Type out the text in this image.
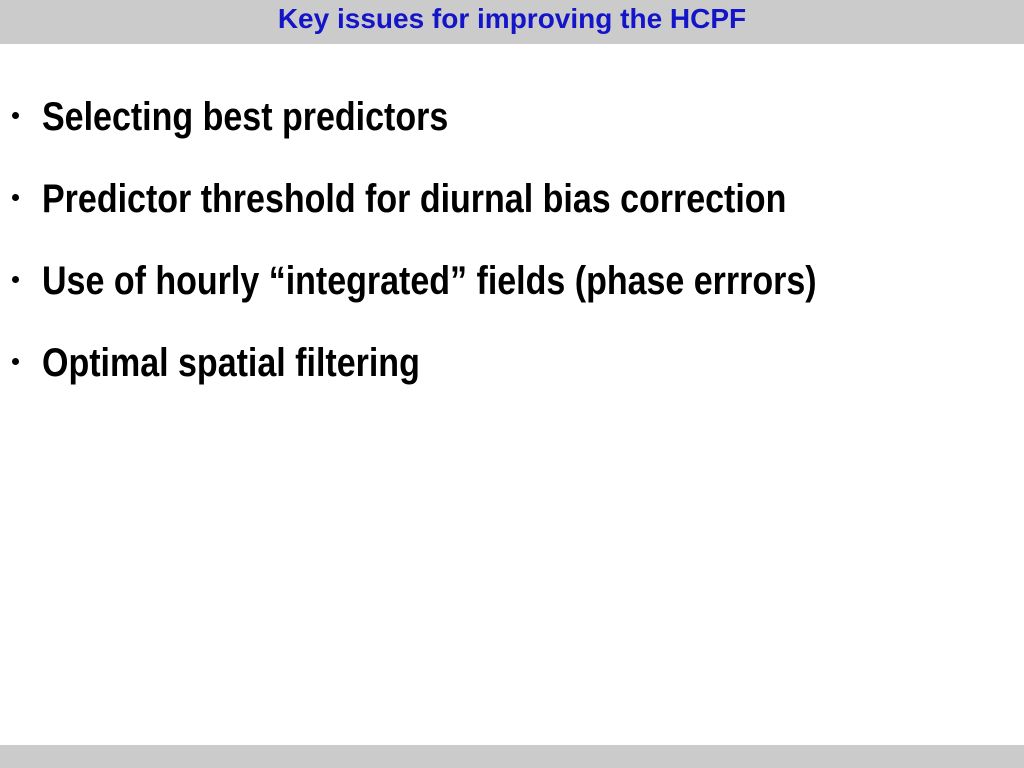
Key issues for improving the HCPF
Selecting best predictors
Predictor threshold for diurnal bias correction
Use of hourly “integrated” fields (phase errrors)
Optimal spatial filtering
